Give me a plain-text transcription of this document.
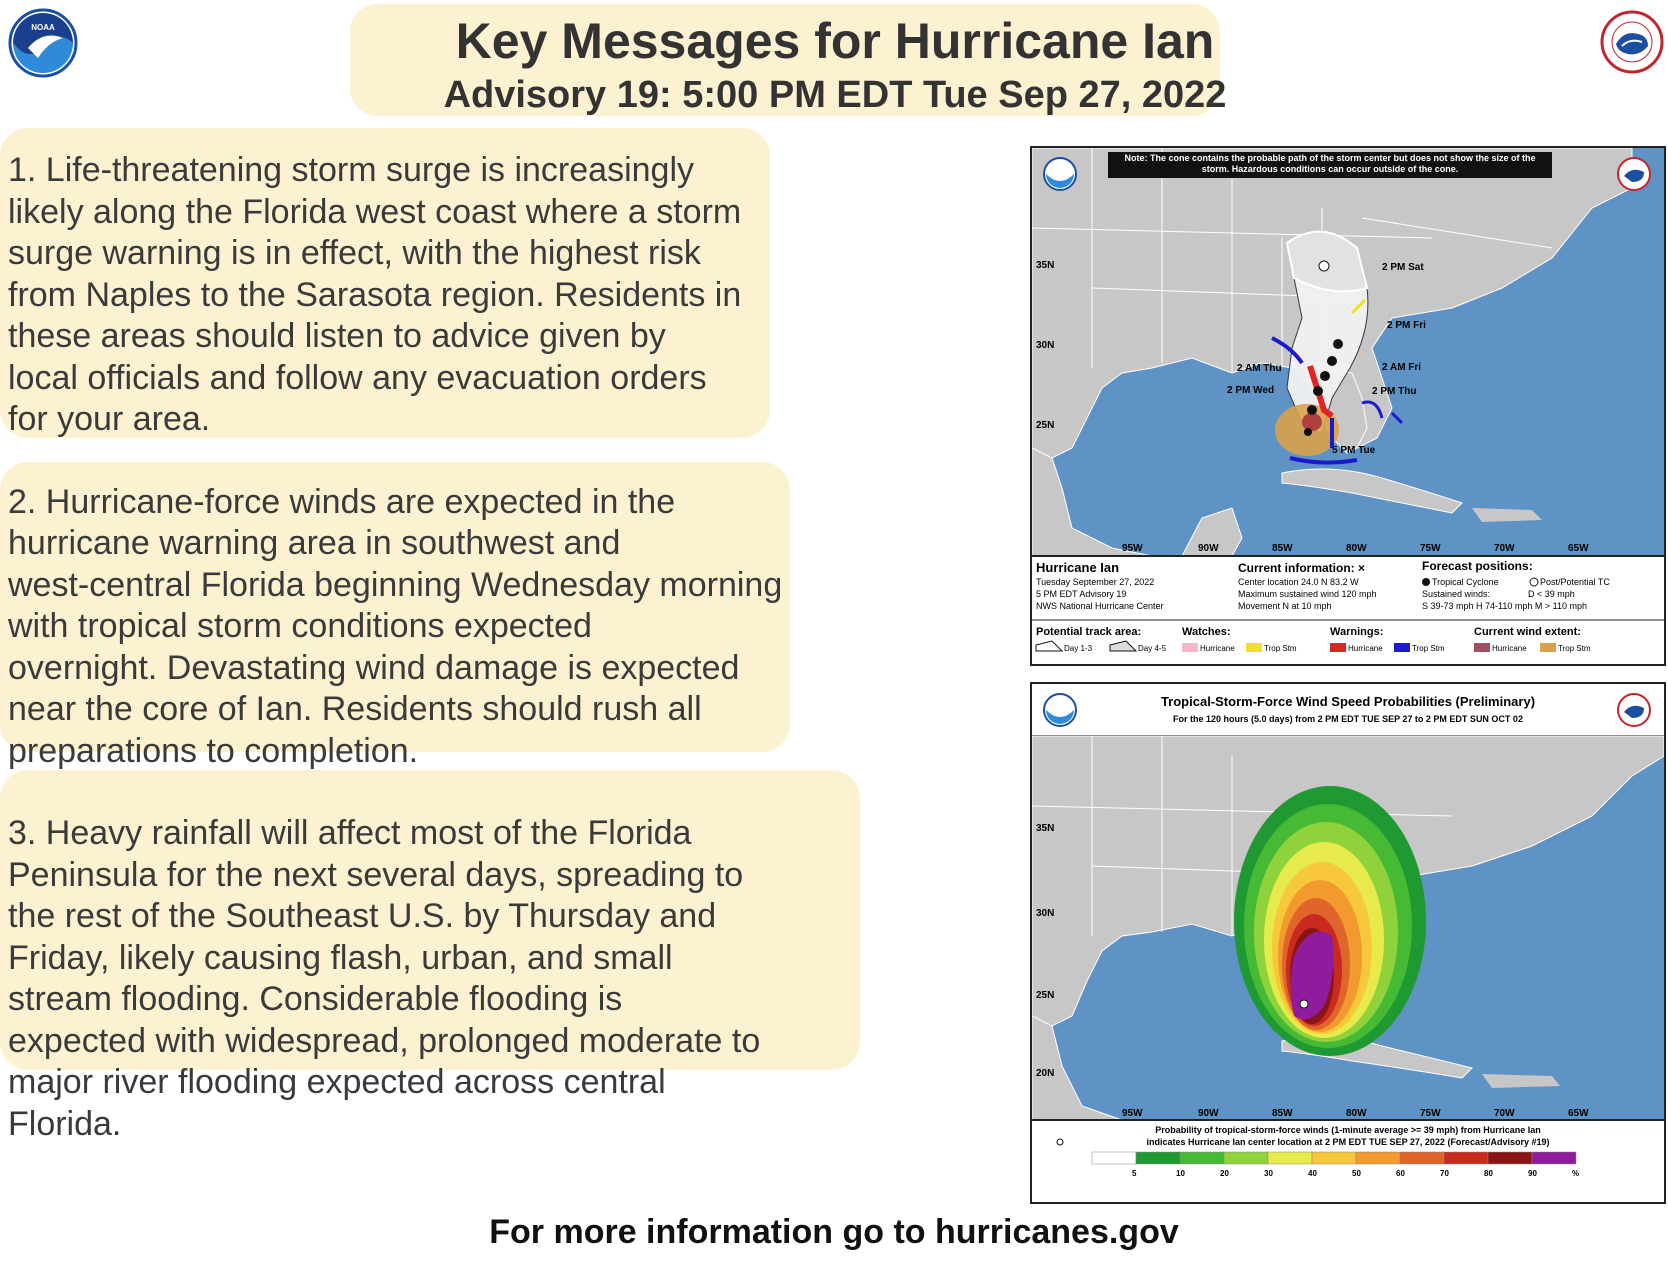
Key Messages for Hurricane Ian
Advisory 19: 5:00 PM EDT Tue Sep 27, 2022
NOAA

1. Life-threatening storm surge is increasingly
likely along the Florida west coast where a storm
surge warning is in effect, with the highest risk
from Naples to the Sarasota region. Residents in
these areas should listen to advice given by
local officials and follow any evacuation orders
for your area.

2. Hurricane-force winds are expected in the
hurricane warning area in southwest and
west-central Florida beginning Wednesday morning
with tropical storm conditions expected
overnight. Devastating wind damage is expected
near the core of Ian. Residents should rush all
preparations to completion.

3. Heavy rainfall will affect most of the Florida
Peninsula for the next several days, spreading to
the rest of the Southeast U.S. by Thursday and
Friday, likely causing flash, urban, and small
stream flooding. Considerable flooding is
expected with widespread, prolonged moderate to
major river flooding expected across central
Florida.

×
Note: The cone contains the probable path of the storm center but does not show the size of the storm. Hazardous conditions can occur outside of the cone.
35N
30N
25N
95W	90W	85W	80W	75W	70W	65W
2 PM Sat
2 PM Fri
2 AM Fri
2 AM Thu
2 PM Thu
2 PM Wed
5 PM Tue
Hurricane Ian
Tuesday September 27, 2022
5 PM EDT Advisory 19
NWS National Hurricane Center
Current information: ×
Center location 24.0 N 83.2 W
Maximum sustained wind 120 mph
Movement N at 10 mph
Forecast positions:
Tropical Cyclone	Post/Potential TC
Sustained winds:	D < 39 mph
S 39-73 mph H 74-110 mph M > 110 mph
Potential track area:
Day 1-3	Day 4-5
Watches:
Hurricane	Trop Stm
Warnings:
Hurricane	Trop Stm
Current wind extent:
Hurricane	Trop Stm
Tropical-Storm-Force Wind Speed Probabilities (Preliminary)
For the 120 hours (5.0 days) from 2 PM EDT TUE SEP 27 to 2 PM EDT SUN OCT 02
35N
30N
25N
20N
95W	90W	85W	80W	75W	70W	65W
Probability of tropical-storm-force winds (1-minute average >= 39 mph) from Hurricane Ian
indicates Hurricane Ian center location at 2 PM EDT TUE SEP 27, 2022 (Forecast/Advisory #19)
5	10	20	30	40	50	60	70	80	90	%
For more information go to hurricanes.gov
